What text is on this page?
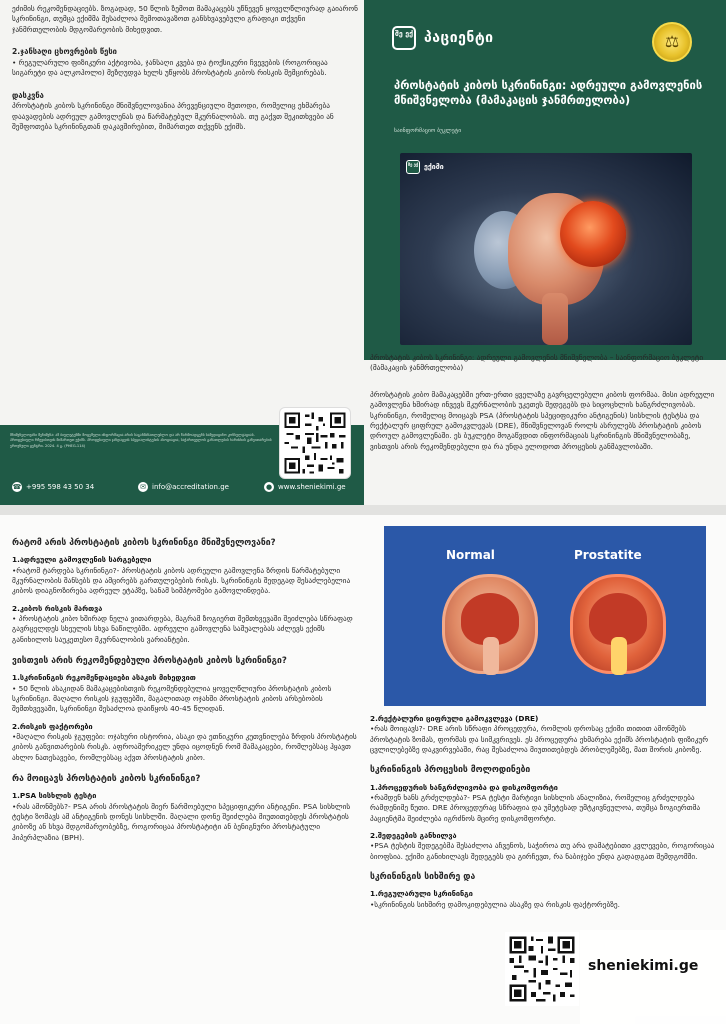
ეძიმის რეკომენდაციებს. ზოგადად, 50 წლის ზემოთ მამაკაცებს უწნევენ ყოველწლიურად გაიარონ სკრინინგი, თუმცა ექიმმა შესაძლოა შემოთავაზოთ განსხვავებული გრაფიკი თქვენი ჯანმრთელობის მდგომარეობის მიხედვით.

2.ჯანსაღი ცხოვრების წესი

• რეგულარული ფიზიკური აქტივობა, ჯანსაღი კვება და ტოქსიკური ჩვევების (როგორიცაა სიგარეტი და ალკოჰოლი) მეზღუდვა ხელს უწყობს პროსტატის კიბოს რისკის შემცირებას.

დასკვნა

პროსტატის კიბოს სკრინინგი მნიშვნელოვანია პრევენციული მეთოდი, რომელიც ეხმარება დაავადების ადრეულ გამოვლენას და წარმატებულ მკურნალობას. თუ გაქვთ შეკითხვები ან შეშფოთება სკრინინგთან დაკავშირებით, მიმართეთ თქვენს ექიმს.

მნიშვნელოვანი შენიშვნა: ამ ბიულეტენში მოცემული ინფორმაცია არის საგანმანათლებლო და არ წარმოადგენს სამედიცინო კონსულტაციას. პროფესიული რჩევისთვის მიმართეთ ექიმს. პროფესიული ჯანდაცვის სპეციალისტების ასოციაცია, საქართველოს განათლების ხარისხის განვითარების ეროვნული ცენტრი. 2024. 4 გ. (PHEG-114)

☎ +995 598 43 50 34	✉ info@accreditation.ge	● www.sheniekimi.ge
შე ექ პაციენტი
⚖
პროსტატის კიბოს სკრინინგი: ადრეული გამოვლენის მნიშვნელობა (მამაკაცის ჯანმრთელობა)
საინფორმაციო ბუკლეტი
შე ექ ექიმი

პროსტატის კიბოს სკრინინგი: ადრეული გამოვლენის მნიშვნელობა – საინფორმაციო ბუკლეტი (მამაკაცის ჯანმრთელობა)

პროსტატის კიბო მამაკაცებში ერთ-ერთი ყველაზე გავრცელებული კიბოს ფორმაა. მისი ადრეული გამოვლენა ხშირად ინვევს მკურნალობის უკეთეს შედეგებს და სიცოცხლის ხანგრძლივობას. სკრინინგი, რომელიც მოიცავს PSA (პროსტატის სპეციფიკური ანტიგენის) სისხლის ტესტსა და რექტალურ ციფრულ გამოკვლევას (DRE), მნიშვნელოვან როლს ასრულებს პროსტატის კიბოს დროულ გამოვლენაში. ეს ბუკლეტი მოგაწვდით ინფორმაციას სკრინინგის მნიშვნელობაზე, ვისთვის არის რეკომენდებული და რა უნდა ელოდოთ პროცესის განმავლობაში.

რატომ არის პროსტატის კიბოს სკრინინგი მნიშვნელოვანი?

1.ადრეული გამოვლენის სარგებელი

•რატომ ტარდება სკრინინგი?- პროსტატის კიბოს ადრეული გამოვლენა ზრდის წარმატებული მკურნალობის შანსებს და ამცირებს გართულებების რისკს. სკრინინგის შედეგად შესაძლებელია კიბოს დიაგნოზირება ადრეულ ეტაპზე, სანამ სიმპტომები გამოვლინდება.

2.კიბოს რისკის მართვა

• პროსტატის კიბო ხშირად ნელა ვითარდება, მაგრამ ზოგიერთ შემთხვევაში შეიძლება სწრაფად გავრცელდეს სხეულის სხვა ნაწილებში. ადრეული გამოვლენა საშუალებას აძლევს ექიმს განიხილოს საუკეთესო მკურნალობის ვარიანტები.

ვისთვის არის რეკომენდებული პროსტატის კიბოს სკრინინგი?

1.სკრინინგის რეკომენდაციები ასაკის მიხედვით

• 50 წლის ასაკიდან მამაკაცებისთვის რეკომენდებულია ყოველწლიური პროსტატის კიბოს სკრინინგი. მაღალი რისკის ჯგუფებში, მაგალითად ოჯახში პროსტატის კიბოს არსებობის შემთხვევაში, სკრინინგი შესაძლოა დაიწყოს 40-45 წლიდან.

2.რისკის ფაქტორები

•მაღალი რისკის ჯგუფები: ოჯახური ისტორია, ასაკი და ეთნიკური კუთვნილება ზრდის პროსტატის კიბოს განვითარების რისკს. აფროამერიკელ უნდა იცოდნენ რომ მამაკაცები, რომლებსაც ჰყავთ ახლო ნათესავები, რომლებსაც აქვთ პროსტატის კიბო.

რა მოიცავს პროსტატის კიბოს სკრინინგი?

1.PSA სისხლის ტესტი

•რას ამონმებს?- PSA არის პროსტატის მიერ წარმოებული სპეციფიკური ანტიგენი. PSA სისხლის ტესტი ზომავს ამ ანტიგენის დონეს სისხლში. მაღალი დონე შეიძლება მიუთითებდეს პროსტატის კიბოზე ან სხვა მდგომარეობებზე, როგორიცაა პროსტატიტი ან ბენიგნური პროსტატული ჰიპერპლაზია (BPH).

Normal	Prostatite

2.რექტალური ციფრული გამოკვლევა (DRE)

•რას მოიცავს?- DRE არის სწრაფი პროცედურა, რომლის დროსაც ექიმი თითით ამონმებს პროსტატის ზომას, ფორმას და სიმკვრივეს. ეს პროცედურა ეხმარება ექიმს პროსტატის ფიზიკურ ცვლილებებზე დაკვირვებაში, რაც შესაძლოა მიუთითებდეს პრობლემებზე, მათ შორის კიბოზე.

სკრინინგის პროცესის მოლოდინები

1.პროცედურის ხანგრძლივობა და დისკომფორტი

•რამდენ ხანს გრძელდება?- PSA ტესტი მარტივი სისხლის ანალიზია, რომელიც გრძელდება რამდენიმე წუთი. DRE პროცედურაც სწრაფია და უმეტესად უმტკივნეულოა, თუმცა ზოგიერთმა პაციენტმა შეიძლება იგრძნოს მცირე დისკომფორტი.

2.შედეგების განხილვა

•PSA ტესტის შედეგებმა შესაძლოა აჩვენოს, საჭიროა თუ არა დამატებითი კვლევები, როგორიცაა ბიოფსია. ექიმი განიხილავს შედეგებს და გირჩევთ, რა ნაბიჯები უნდა გადადგათ შემდგომში.

სკრინინგის სიხშირე და

1.რეგულარული სკრინინგი

•სკრინინგის სიხშირე დამოკიდებულია ასაკზე და რისკის ფაქტორებზე.

sheniekimi.ge
